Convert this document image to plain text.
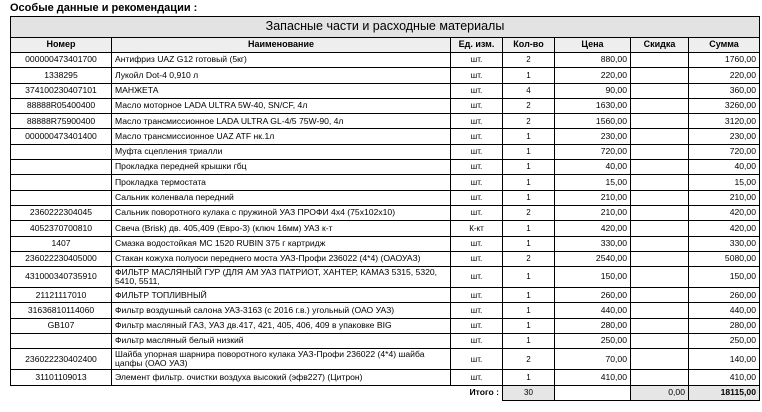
Особые данные и рекомендации :
Запасные части и расходные материалы						
Номер	Наименование	Ед. изм.	Кол-во	Цена	Скидка	Сумма
000000473401700	Антифриз UAZ G12 готовый (5кг)	шт.	2	880,00		1760,00
1338295	Лукойл Dot-4 0,910 л	шт.	1	220,00		220,00
374100230407101	МАНЖЕТА	шт.	4	90,00		360,00
88888R05400400	Масло моторное LADA ULTRA 5W-40, SN/CF, 4л	шт.	2	1630,00		3260,00
88888R75900400	Масло трансмиссионное LADA ULTRA GL-4/5 75W-90, 4л	шт.	2	1560,00		3120,00
000000473401400	Масло трансмиссионное UAZ ATF нк.1л	шт.	1	230,00		230,00
	Муфта сцепления триалли	шт.	1	720,00		720,00
	Прокладка передней крышки гбц	шт.	1	40,00		40,00
	Прокладка термостата	шт.	1	15,00		15,00
	Сальник коленвала передний	шт.	1	210,00		210,00
2360222304045	Сальник поворотного кулака с пружиной УАЗ ПРОФИ 4х4 (75х102х10)	шт.	2	210,00		420,00
4052370700810	Свеча (Brisk) дв. 405,409 (Евро-3) (ключ 16мм) УАЗ к-т	К-кт	1	420,00		420,00
1407	Смазка водостойкая МС 1520 RUBIN 375 г картридж	шт.	1	330,00		330,00
236022230405000	Стакан кожуха полуоси переднего моста УАЗ-Профи 236022 (4*4) (ОАОУАЗ)	шт.	2	2540,00		5080,00
431000340735910	ФИЛЬТР МАСЛЯНЫЙ ГУР (ДЛЯ АМ УАЗ ПАТРИОТ, ХАНТЕР, КАМАЗ 5315, 5320, 5410, 5511,	шт.	1	150,00		150,00
21121117010	ФИЛЬТР ТОПЛИВНЫЙ	шт.	1	260,00		260,00
31636810114060	Фильтр воздушный салона УАЗ-3163 (с 2016 г.в.) угольный (ОАО УАЗ)	шт.	1	440,00		440,00
GB107	Фильтр масляный ГАЗ, УАЗ дв.417, 421, 405, 406, 409 в упаковке BIG	шт.	1	280,00		280,00
	Фильтр масляный белый низкий	шт.	1	250,00		250,00
236022230402400	Шайба упорная шарнира поворотного кулака УАЗ-Профи 236022 (4*4) шайба цапфы (ОАО УАЗ)	шт.	2	70,00		140,00
31101109013	Элемент фильтр. очистки воздуха высокий (эфв227) (Цитрон)	шт.	1	410,00		410,00
		Итого :	30		0,00	18115,00
